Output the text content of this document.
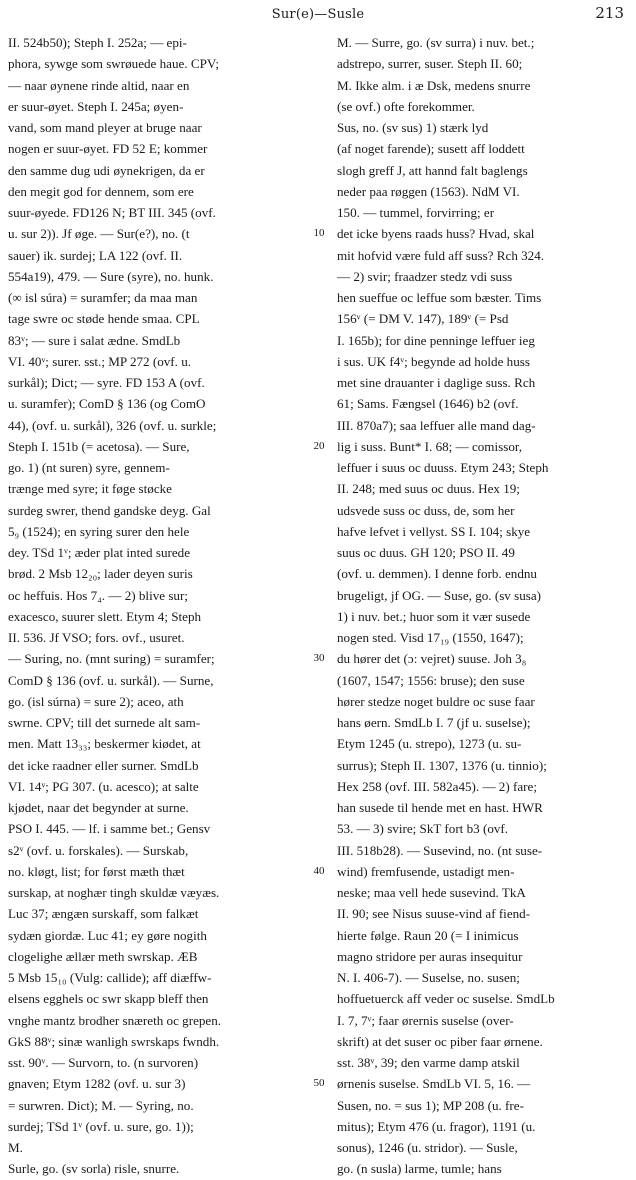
Sur(e)—Susle	213
II. 524b50); Steph I. 252a; — epi-
phora, sywge som swrøuede haue. CPV;
— naar øynene rinde altid, naar en
er suur-øyet. Steph I. 245a; øyen-
vand, som mand pleyer at bruge naar
nogen er suur-øyet. FD 52 E; kommer
den samme dug udi øynekrigen, da er
den megit god for dennem, som ere
suur-øyede. FD126 N; BT III. 345 (ovf.
u. sur 2)). Jf øge. — Sur(e?), no. (t
sauer) ik. surdej; LA 122 (ovf. II.
554a19), 479. — Sure (syre), no. hunk.
(∞ isl súra) = suramfer; da maa man
tage swre oc støde hende smaa. CPL
83ᵛ; — sure i salat ædne. SmdLb
VI. 40ᵛ; surer. sst.; MP 272 (ovf. u.
surkål); Dict; — syre. FD 153 A (ovf.
u. suramfer); ComD § 136 (og ComO
44), (ovf. u. surkål), 326 (ovf. u. surkle;
Steph I. 151b (= acetosa). — Sure,
go. 1) (nt suren) syre, gennem-
trænge med syre; it føge støcke
surdeg swrer, thend gandske deyg. Gal
5₉ (1524); en syring surer den hele
dey. TSd 1ᵛ; æder plat inted surede
brød. 2 Msb 12₂₀; lader deyen suris
oc heffuis. Hos 7₄. — 2) blive sur;
exacesco, suurer slett. Etym 4; Steph
II. 536. Jf VSO; fors. ovf., usuret.
— Suring, no. (mnt suring) = suramfer;
ComD § 136 (ovf. u. surkål). — Surne,
go. (isl súrna) = sure 2); aceo, ath
swrne. CPV; till det surnede alt sam-
men. Matt 13₃₃; beskermer kiødet, at
det icke raadner eller surner. SmdLb
VI. 14ᵛ; PG 307. (u. acesco); at salte
kjødet, naar det begynder at surne.
PSO I. 445. — lf. i samme bet.; Gensv
s2ᵛ (ovf. u. forskales). — Surskab,
no. kløgt, list; for først mæth thæt
surskap, at noghær tingh skuldæ væyæs.
Luc 37; ængæn surskaff, som falkæt
sydæn giordæ. Luc 41; ey gøre nogith
clogelighe ællær meth swrskap. ÆB
5 Msb 15₁₀ (Vulg: callide); aff diæffw-
elsens egghels oc swr skapp bleff then
vnghe mantz brodher snæreth oc grepen.
GkS 88ᵛ; sinæ wanligh swrskaps fwndh.
sst. 90ᵛ. — Survorn, to. (n survoren)
gnaven; Etym 1282 (ovf. u. sur 3)
= surwren. Dict); M. — Syring, no.
surdej; TSd 1ᵛ (ovf. u. sure, go. 1));
M.
Surle, go. (sv sorla) risle, snurre.
10
20
30
40
50
M. — Surre, go. (sv surra) i nuv. bet.;
adstrepo, surrer, suser. Steph II. 60;
M. Ikke alm. i æ Dsk, medens snurre
(se ovf.) ofte forekommer.
Sus, no. (sv sus) 1) stærk lyd
(af noget farende); susett aff loddett
slogh greff J, att hannd falt baglengs
neder paa røggen (1563). NdM VI.
150. — tummel, forvirring; er
det icke byens raads huss? Hvad, skal
mit hofvid være fuld aff suss? Rch 324.
— 2) svir; fraadzer stedz vdi suss
hen sueffue oc leffue som bæster. Tims
156ᵛ (= DM V. 147), 189ᵛ (= Psd
I. 165b); for dine penninge leffuer ieg
i sus. UK f4ᵛ; begynde ad holde huss
met sine drauanter i daglige suss. Rch
61; Sams. Fængsel (1646) b2 (ovf.
III. 870a7); saa leffuer alle mand dag-
lig i suss. Bunt* I. 68; — comissor,
leffuer i suus oc duuss. Etym 243; Steph
II. 248; med suus oc duus. Hex 19;
udsvede suss oc duss, de, som her
hafve lefvet i vellyst. SS I. 104; skye
suus oc duus. GH 120; PSO II. 49
(ovf. u. demmen). I denne forb. endnu
brugeligt, jf OG. — Suse, go. (sv susa)
1) i nuv. bet.; huor som it vær susede
nogen sted. Visd 17₁₉ (1550, 1647);
du hører det (ɔ: vejret) suuse. Joh 3₈
(1607, 1547; 1556: bruse); den suse
hører stedze noget buldre oc suse faar
hans øern. SmdLb I. 7 (jf u. suselse);
Etym 1245 (u. strepo), 1273 (u. su-
surrus); Steph II. 1307, 1376 (u. tinnio);
Hex 258 (ovf. III. 582a45). — 2) fare;
han susede til hende met en hast. HWR
53. — 3) svire; SkT fort b3 (ovf.
III. 518b28). — Susevind, no. (nt suse-
wind) fremfusende, ustadigt men-
neske; maa vell hede susevind. TkA
II. 90; see Nisus suuse-vind af fiend-
hierte følge. Raun 20 (= I inimicus
magno stridore per auras insequitur
N. I. 406-7). — Suselse, no. susen;
hoffuetuerck aff veder oc suselse. SmdLb
I. 7, 7ᵛ; faar ørernis suselse (over-
skrift) at det suser oc piber faar ørnene.
sst. 38ᵛ, 39; den varme damp atskil
ørnenis suselse. SmdLb VI. 5, 16. —
Susen, no. = sus 1); MP 208 (u. fre-
mitus); Etym 476 (u. fragor), 1191 (u.
sonus), 1246 (u. stridor). — Susle,
go. (n susla) larme, tumle; hans
